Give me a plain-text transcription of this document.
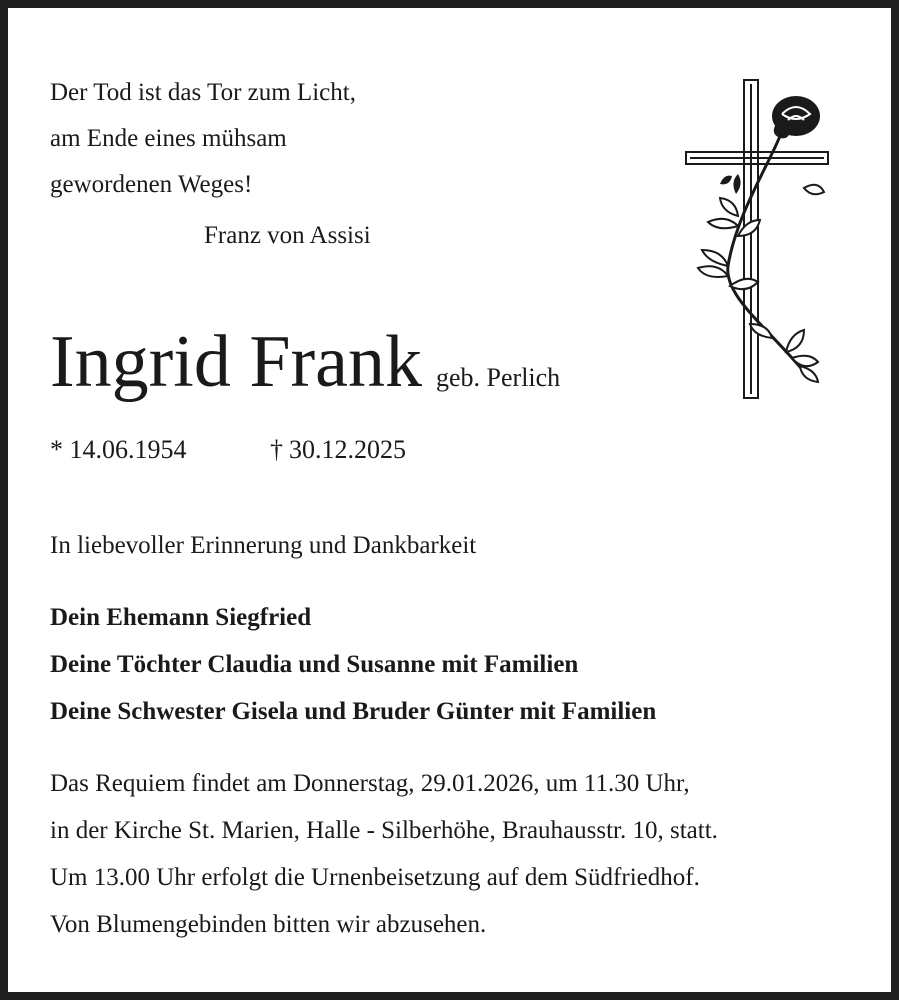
Der Tod ist das Tor zum Licht,
am Ende eines mühsam
gewordenen Weges!
Franz von Assisi
Ingrid Frank geb. Perlich
* 14.06.1954	† 30.12.2025
In liebevoller Erinnerung und Dankbarkeit
Dein Ehemann Siegfried
Deine Töchter Claudia und Susanne mit Familien
Deine Schwester Gisela und Bruder Günter mit Familien
Das Requiem findet am Donnerstag, 29.01.2026, um 11.30 Uhr,
in der Kirche St. Marien, Halle - Silberhöhe, Brauhausstr. 10, statt.
Um 13.00 Uhr erfolgt die Urnenbeisetzung auf dem Südfriedhof.
Von Blumengebinden bitten wir abzusehen.
